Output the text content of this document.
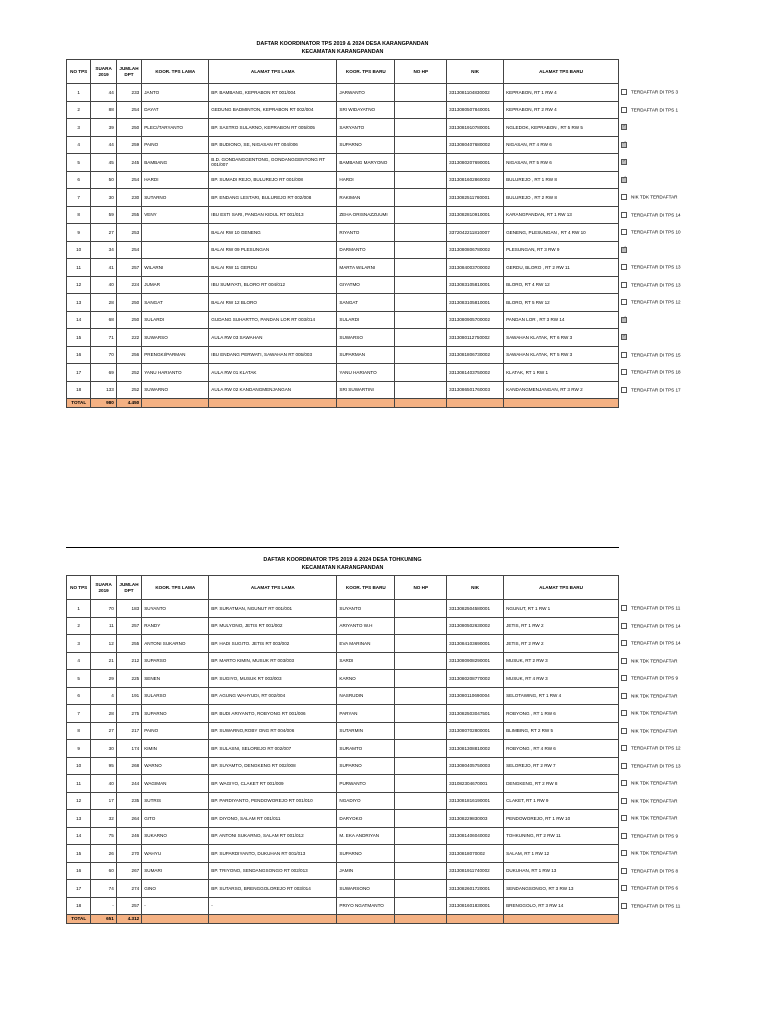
DAFTAR KOORDINATOR TPS 2019 & 2024 DESA KARANGPANDAN
KECAMATAN KARANGPANDAN
NO TPS	SUARA 2019	JUMLAH DPT	KOOR. TPS LAMA	ALAMAT TPS LAMA	KOOR. TPS BARU	NO HP	NIK	ALAMAT TPS BARU	
1	44	233	JANTO	BP. BAMBANG, KEPRABON RT 001/004	JARWANTO		3313081104830002	KEPRABON, RT 1 RW 4	TERDAFTAR DI TPS 3

2	88	254	DAYAT	GEDUNG BADMINTON, KEPRABON RT 002/004	SRI WIDAYATNO		3313080507840001	KEPRABON, RT 2 RW 4	TERDAFTAR DI TPS 1

3	39	250	PLECI/TARYANTO	BP. SASTRO SULARNO, KEPRABON RT 005/005	SARYANTO		3313081910780001	NGLEDOK, KEPRABON , RT 5 RW 5	
✓

4	44	259	PAINO	BP. BUDIONO, SE, NIGASAN RT 004/006	SUPARNO		3313080407680002	NIGASAN, RT 4 RW 6	
✓

5	45	245	BAMBANG	B.D. GONDANGGENTONG, GONDANGGENTONG RT 001/007	BAMBANG MARYONO		3313080207690001	NIGASAN, RT 5 RW 6	
✓

6	50	254	HARDI	BP. SUMADI REJO, BULUREJO RT 001/008	HARDI		3313081602860002	BULUREJO , RT 1 RW 8	
✓

7	30	230	SUTARNO	BP. ENDANG LESTARI, BULUREJO RT 002/008	RAKIMAN		3313082511780001	BULUREJO , RT 2 RW 8	NIK TDK TERDAFTAR

8	59	255	VENY	IBU ESTI SARI, PANDAN KIDUL RT 001/013	ZEHA ORISNAZZUUMI		3313082810910001	KARANGPANDAN, RT 1 RW 13	TERDAFTAR DI TPS 14

9	27	253		BALAI RW 10 GENENG	RIYANTO		3372042211810007	GENENG, PLESUNGAN , RT 4 RW 10	TERDAFTAR DI TPS 10

10	34	254		BALAI RW 09 PLESUNGAN	DARMANTO		3313080806780002	PLESUNGAN, RT 3 RW 9	
✓

11	41	257	WILARNI	BALAI RW 11 GERDU	MARTA WILARNI		3313084003700002	GERDU, BLORO , RT 2 RW 11	TERDAFTAR DI TPS 13

12	40	224	JUMAR	IBU SUMIYATI, BLORO RT 004/012	GIYATMO		3313083105810001	BLORO, RT 4 RW 12	TERDAFTAR DI TPS 13

13	28	250	SANGAT	BALAI RW 12 BLORO	SANGAT		3313083105810001	BLORO, RT 5 RW 12	TERDAFTAR DI TPS 12

14	68	250	SULARDI	GUDANG SUHARTTO, PANDAN LOR RT 003/014	SULARDI		3313080905700002	PANDAN LOR , RT 3 RW 14	
✓

15	71	222	SUWARSO	AULA RW 03 SAWAHAN	SUWARSO		3313080112750002	SAWAHAN KLATAK, RT 6 RW 3	
✓

16	70	256	PRENGKI/PARMAN	IBU ENDANG PERWATI, SAWAHAN RT 005/003	SUPARMAN		3313081806730002	SAWAHAN KLATAK, RT 5 RW 3	TERDAFTAR DI TPS 15

17	69	252	YANU HARIANTO	AULA RW 01 KLATAK	YANU HARIANTO		3313081403750002	KLATAK, RT 1 RW 1	TERDAFTAR DI TPS 18

18	133	252	SUWARNO	AULA RW 02 KANDANGMENJANGAN	SRI SUWARTINI		3313086501760003	KANDANGMENJANGAN, RT 3 RW 2	TERDAFTAR DI TPS 17

TOTAL	980	4.450							
DAFTAR KOORDINATOR TPS 2019 & 2024 DESA TOHKUNING
KECAMATAN KARANGPANDAN
NO TPS	SUARA 2019	JUMLAH DPT	KOOR. TPS LAMA	ALAMAT TPS LAMA	KOOR. TPS BARU	NO HP	NIK	ALAMAT TPS BARU	
1	70	183	SUYANTO	BP. SURATMAN, NGUNUT RT 001/001	SUYANTO		3313082504580001	NGUNUT, RT 1 RW 1	TERDAFTAR DI TPS 11

2	11	257	RANDY	BP. MULYONO, JETIS RT 001/002	ARIYANTO W.H		3313080502630002	JETIS, RT 1 RW 2	TERDAFTAR DI TPS 14

3	12	255	ANTONI SUKARNO	BP. HADI SUGITO. JETIS RT 003/002	EVA MARINAN		3313084103690001	JETIS, RT 2 RW 2	TERDAFTAR DI TPS 14

4	21	212	SUPARSO	BP. MARTO KIMIN, MUSUK RT 003/003	SARDI		3313080908290001	MUSUK, RT 2 RW 3	NIK TDK TERDAFTAR

5	29	225	SENEN	BP. SUGIYO, MUSUK RT 003/003	KARNO		3313080208770002	MUSUK, RT 4 RW 3	TERDAFTAR DI TPS 9

6	4	191	SULARSO	BP. AGUNG WAHYUDI, RT 002/004	NASRUDIN		3313080110690004	SELOTAWING, RT 1 RW 4	NIK TDK TERDAFTAR

7	28	275	SUPARNO	BP. BUDI ARIYANTO, ROBYONG RT 001/006	PARYAN		3313082503047501	ROBYONG , RT 1 RW 6	NIK TDK TERDAFTAR

8	27	217	PAINO	BP. SUWARNO,ROBY ONG RT 004/006	SUTARMIN		3313080702800001	BLIMBING, RT 2 RW 5	NIK TDK TERDAFTAR

9	30	174	KIMIN	BP. SULASNI, SELOREJO RT 002/007	SURAMTO		3313081308810002	ROBYONG , RT 4 RW 6	TERDAFTAR DI TPS 12

10	95	268	WARNO	BP. SUYAMTO, DENGKENG RT 002/008	SUPARNO		3313080405750003	SELOREJO, RT 2 RW 7	TERDAFTAR DI TPS 13

11	40	244	WAGIMAN	BP. WAGIYO, CLAKET RT 001/009	PURWANTO		331082304670001	DENGKENG, RT 2 RW 8	NIK TDK TERDAFTAR

12	17	235	SUTRIS	BP. PARDIYANTO, PENDOWOREJO RT 001/010	NGADIYO		3313081816190001	CLAKET, RT 1 RW 9	NIK TDK TERDAFTAR

13	32	264	GITO	BP. DIYONO, SALAM RT 001/011	DARYOKO		331308229830003	PENDOWOREJO, RT 1 RW 10	NIK TDK TERDAFTAR

14	75	246	SUKARNO	BP. ANTONI SUKARNO, SALAM RT 001/012	M. EKA ANDRIYAN		3313081406040002	TOHKUNING, RT 2 RW 11	TERDAFTAR DI TPS 9

15	26	270	WAHYU	BP. SUPARDIYANTO, DUKUHAN RT 001/013	SUPARNO		33130818070002	SALAM, RT 1 RW 12	NIK TDK TERDAFTAR

16	60	267	SUMARI	BP. TRIYONO, SENDANGSONGO RT 002/013	JAMIN		3313081911740002	DUKUHAN, RT 1 RW 13	TERDAFTAR DI TPS 8

17	74	274	GINO	BP. SUTARSO, BRENGGOLOREJO RT 003/014	SUWARSONO		3313082601720001	SENDANGSONGO, RT 3 RW 13	TERDAFTAR DI TPS 6

18	-	257	-	-	PRIYO NGATMANTO		3313081601830001	BRENGGOLO, RT 3 RW 14	TERDAFTAR DI TPS 11

TOTAL	651	4.312							
